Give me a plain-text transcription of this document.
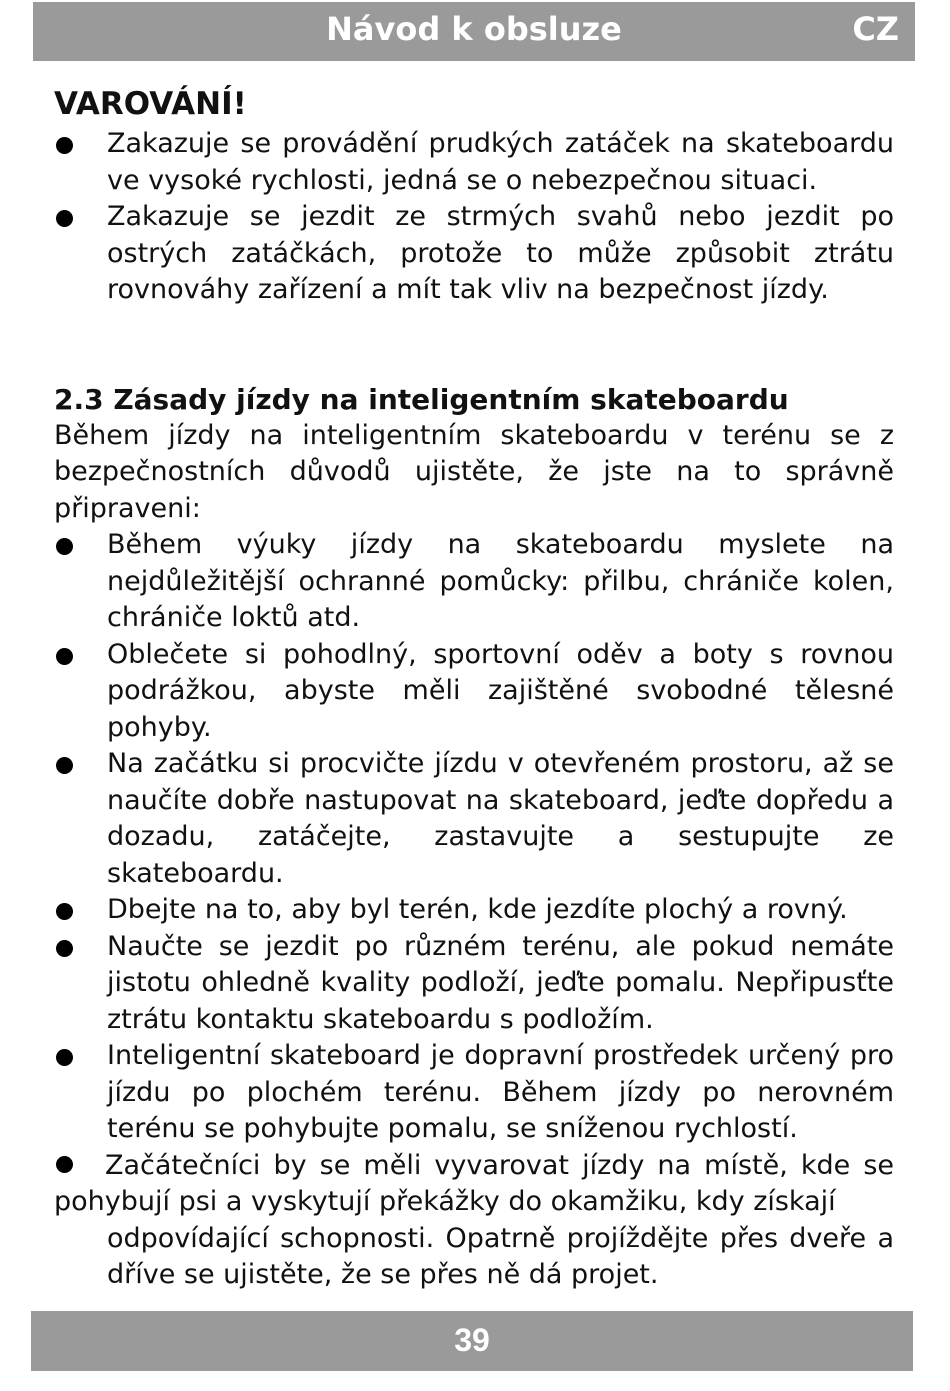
Návod k obsluze	CZ
VAROVÁNÍ!
Zakazuje se provádění prudkých zatáček na skateboardu ve vysoké rychlosti, jedná se o nebezpečnou situaci.
Zakazuje se jezdit ze strmých svahů nebo jezdit po ostrých zatáčkách, protože to může způsobit ztrátu rovnováhy zařízení a mít tak vliv na bezpečnost jízdy.
2.3 Zásady jízdy na inteligentním skateboardu

Během jízdy na inteligentním skateboardu v terénu se z bezpečnostních důvodů ujistěte, že jste na to správně připraveni:

Během výuky jízdy na skateboardu myslete na nejdůležitější ochranné pomůcky: přilbu, chrániče kolen, chrániče loktů atd.
Oblečete si pohodlný, sportovní oděv a boty s rovnou podrážkou, abyste měli zajištěné svobodné tělesné pohyby.
Na začátku si procvičte jízdu v otevřeném prostoru, až se naučíte dobře nastupovat na skateboard, jeďte dopředu a dozadu, zatáčejte, zastavujte a sestupujte ze skateboardu.
Dbejte na to, aby byl terén, kde jezdíte plochý a rovný.
Naučte se jezdit po různém terénu, ale pokud nemáte jistotu ohledně kvality podloží, jeďte pomalu. Nepřipusťte ztrátu kontaktu skateboardu s podložím.
Inteligentní skateboard je dopravní prostředek určený pro jízdu po plochém terénu. Během jízdy po nerovném terénu se pohybujte pomalu, se sníženou rychlostí.
Začátečníci by se měli vyvarovat jízdy na místě, kde se
pohybují psi a vyskytují překážky do okamžiku, kdy získají
odpovídající schopnosti. Opatrně projíždějte přes dveře a dříve se ujistěte, že se přes ně dá projet.
39
